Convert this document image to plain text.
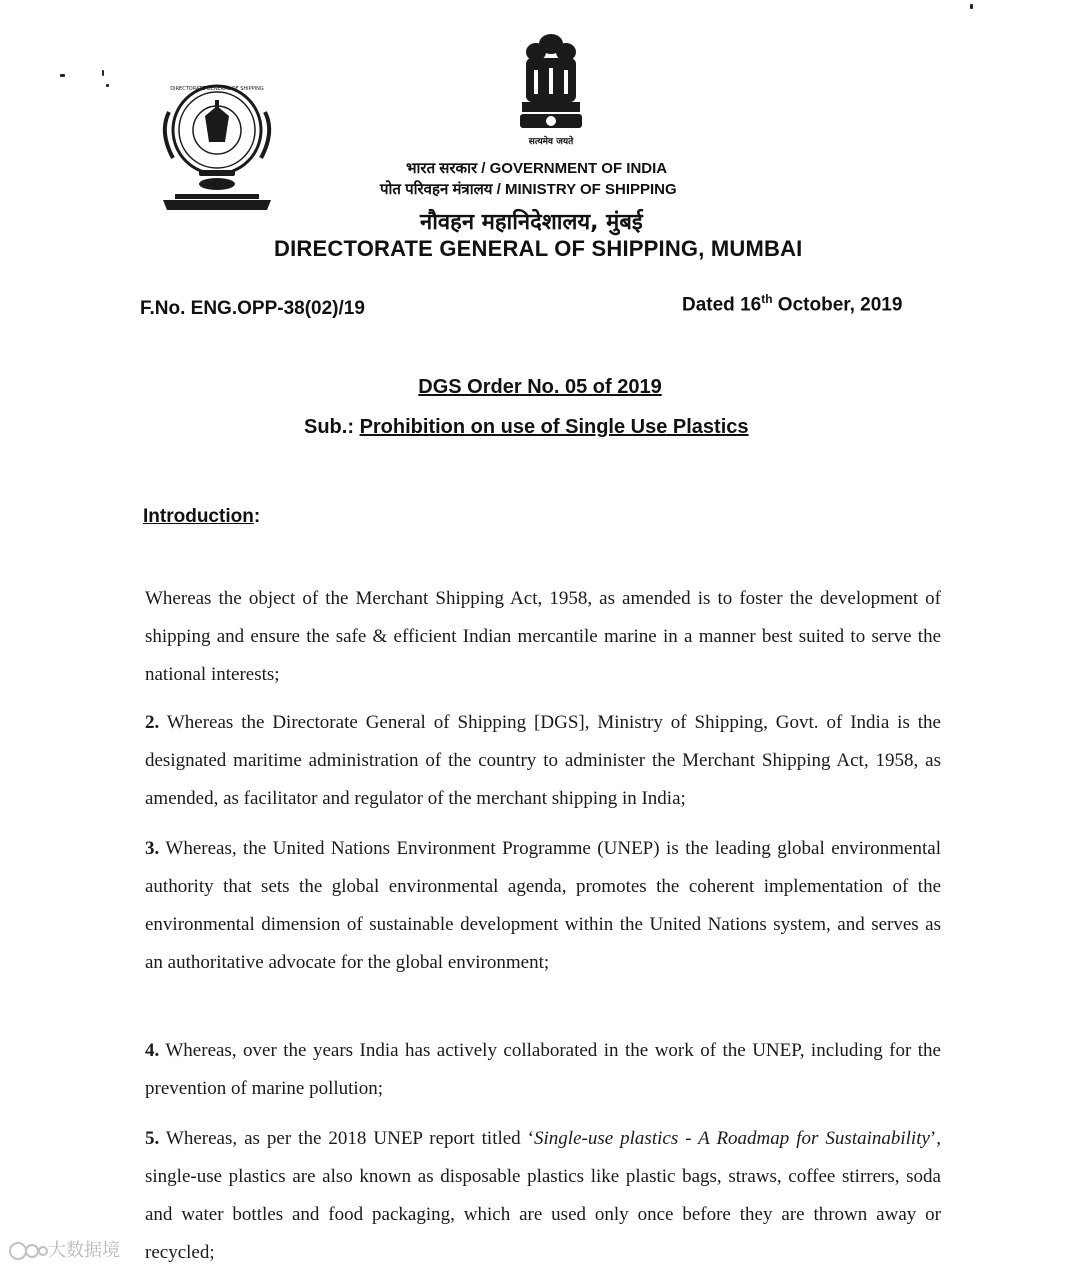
सत्यमेव जयते
DIRECTORATE GENERAL OF SHIPPING
भारत सरकार / GOVERNMENT OF INDIA
पोत परिवहन मंत्रालय / MINISTRY OF SHIPPING
नौवहन महानिदेशालय, मुंबई
DIRECTORATE GENERAL OF SHIPPING, MUMBAI
F.No. ENG.OPP-38(02)/19	Dated 16th October, 2019
DGS Order No. 05 of 2019
Sub.: Prohibition on use of Single Use Plastics
Introduction:
Whereas the object of the Merchant Shipping Act, 1958, as amended is to foster the development of shipping and ensure the safe & efficient Indian mercantile marine in a manner best suited to serve the national interests;
2. Whereas the Directorate General of Shipping [DGS], Ministry of Shipping, Govt. of India is the designated maritime administration of the country to administer the Merchant Shipping Act, 1958, as amended, as facilitator and regulator of the merchant shipping in India;
3. Whereas, the United Nations Environment Programme (UNEP) is the leading global environmental authority that sets the global environmental agenda, promotes the coherent implementation of the environmental dimension of sustainable development within the United Nations system, and serves as an authoritative advocate for the global environment;
4. Whereas, over the years India has actively collaborated in the work of the UNEP, including for the prevention of marine pollution;
5. Whereas, as per the 2018 UNEP report titled ‘Single-use plastics - A Roadmap for Sustainability’, single-use plastics are also known as disposable plastics like plastic bags, straws, coffee stirrers, soda and water bottles and food packaging, which are used only once before they are thrown away or recycled;
大数据境
